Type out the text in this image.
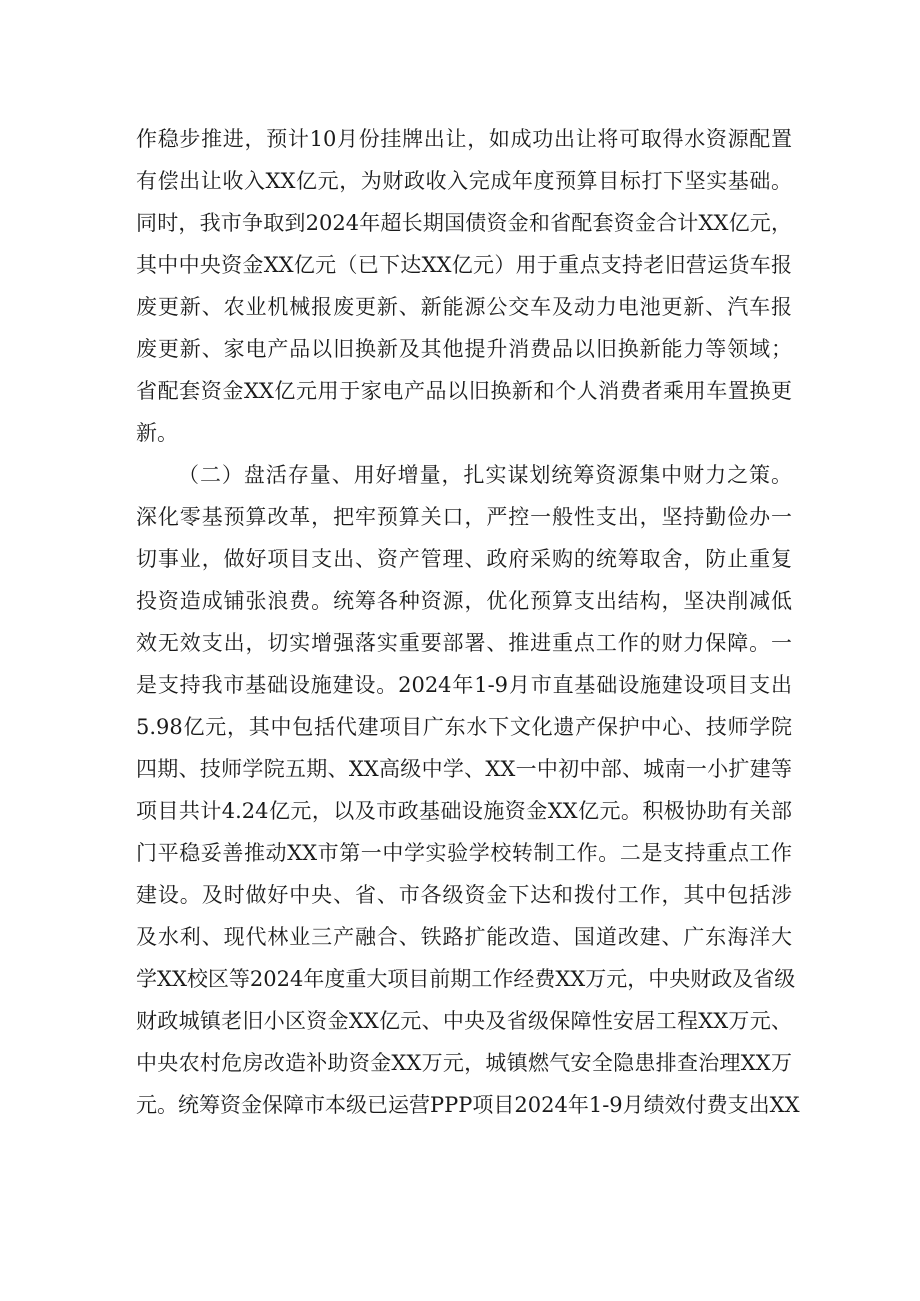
作稳步推进，预计10月份挂牌出让，如成功出让将可取得水资源配置
有偿出让收入XX亿元，为财政收入完成年度预算目标打下坚实基础。
同时，我市争取到2024年超长期国债资金和省配套资金合计XX亿元，
其中中央资金XX亿元（已下达XX亿元）用于重点支持老旧营运货车报
废更新、农业机械报废更新、新能源公交车及动力电池更新、汽车报
废更新、家电产品以旧换新及其他提升消费品以旧换新能力等领域；
省配套资金XX亿元用于家电产品以旧换新和个人消费者乘用车置换更
新。
（二）盘活存量、用好增量，扎实谋划统筹资源集中财力之策。
深化零基预算改革，把牢预算关口，严控一般性支出，坚持勤俭办一
切事业，做好项目支出、资产管理、政府采购的统筹取舍，防止重复
投资造成铺张浪费。统筹各种资源，优化预算支出结构，坚决削减低
效无效支出，切实增强落实重要部署、推进重点工作的财力保障。一
是支持我市基础设施建设。2024年1-9月市直基础设施建设项目支出
5.98亿元，其中包括代建项目广东水下文化遗产保护中心、技师学院
四期、技师学院五期、XX高级中学、XX一中初中部、城南一小扩建等
项目共计4.24亿元，以及市政基础设施资金XX亿元。积极协助有关部
门平稳妥善推动XX市第一中学实验学校转制工作。二是支持重点工作
建设。及时做好中央、省、市各级资金下达和拨付工作，其中包括涉
及水利、现代林业三产融合、铁路扩能改造、国道改建、广东海洋大
学XX校区等2024年度重大项目前期工作经费XX万元，中央财政及省级
财政城镇老旧小区资金XX亿元、中央及省级保障性安居工程XX万元、
中央农村危房改造补助资金XX万元，城镇燃气安全隐患排查治理XX万
元。统筹资金保障市本级已运营PPP项目2024年1-9月绩效付费支出XX
